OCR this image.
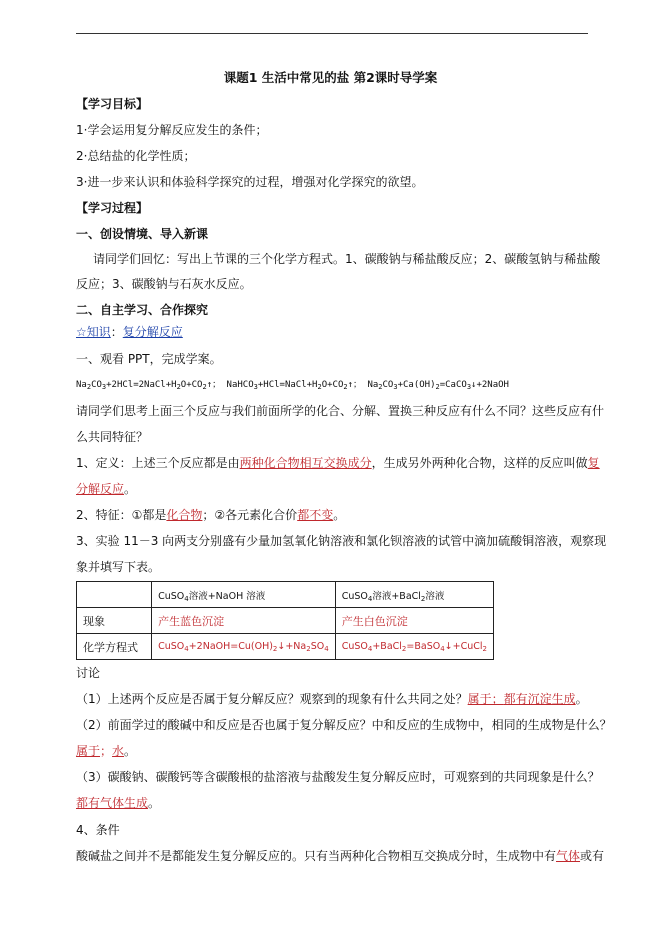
课题1 生活中常见的盐 第2课时导学案
【学习目标】
1·学会运用复分解反应发生的条件；
2·总结盐的化学性质；
3·进一步来认识和体验科学探究的过程，增强对化学探究的欲望。
【学习过程】
一、创设情境、导入新课
请同学们回忆：写出上节课的三个化学方程式。1、碳酸钠与稀盐酸反应；2、碳酸氢钠与稀盐酸
反应；3、碳酸钠与石灰水反应。
二、自主学习、合作探究
☆知识：复分解反应
一、观看 PPT，完成学案。
$Na_2CO_3+2HCl=2NaCl+H_2O+CO_2↑$； $NaHCO_3+HCl=NaCl+H_2O+CO_2↑$； $Na_2CO_3+Ca(OH)_2=CaCO_3↓+2NaOH$
请同学们思考上面三个反应与我们前面所学的化合、分解、置换三种反应有什么不同？这些反应有什
么共同特征？
1、定义：上述三个反应都是由两种化合物相互交换成分，生成另外两种化合物，这样的反应叫做复
分解反应。
2、特征：①都是化合物；②各元素化合价都不变。
3、实验 11－3 向两支分别盛有少量加氢氧化钠溶液和氯化钡溶液的试管中滴加硫酸铜溶液，观察现
象并填写下表。
	CuSO$_4$溶液+NaOH 溶液	CuSO$_4$溶液+BaCl$_2$溶液
现象	产生蓝色沉淀	产生白色沉淀
化学方程式	$CuSO_4+2NaOH=Cu(OH)_2↓+Na_2SO_4$	CuSO$_4$+BaCl$_2$=BaSO$_4$↓+CuCl$_2$
讨论
（1）上述两个反应是否属于复分解反应？观察到的现象有什么共同之处？属于；都有沉淀生成。
（2）前面学过的酸碱中和反应是否也属于复分解反应？中和反应的生成物中，相同的生成物是什么？
属于；水。
（3）碳酸钠、碳酸钙等含碳酸根的盐溶液与盐酸发生复分解反应时，可观察到的共同现象是什么？
都有气体生成。
4、条件
酸碱盐之间并不是都能发生复分解反应的。只有当两种化合物相互交换成分时，生成物中有气体或有
